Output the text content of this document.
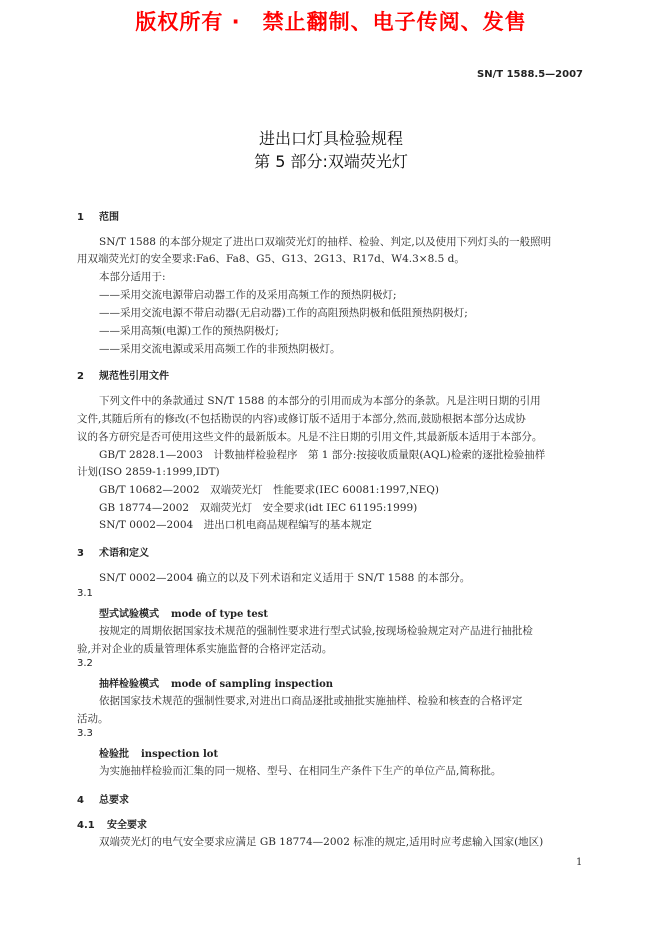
版权所有 ·　禁止翻制、电子传阅、发售
SN/T 1588.5—2007
进出口灯具检验规程
第 5 部分:双端荧光灯
1 范围
SN/T 1588 的本部分规定了进出口双端荧光灯的抽样、检验、判定,以及使用下列灯头的一般照明
用双端荧光灯的安全要求:Fa6、Fa8、G5、G13、2G13、R17d、W4.3×8.5 d。
本部分适用于:
——采用交流电源带启动器工作的及采用高频工作的预热阴极灯;
——采用交流电源不带启动器(无启动器)工作的高阻预热阴极和低阻预热阴极灯;
——采用高频(电源)工作的预热阴极灯;
——采用交流电源或采用高频工作的非预热阴极灯。
2 规范性引用文件
下列文件中的条款通过 SN/T 1588 的本部分的引用而成为本部分的条款。凡是注明日期的引用
文件,其随后所有的修改(不包括勘误的内容)或修订版不适用于本部分,然而,鼓励根据本部分达成协
议的各方研究是否可使用这些文件的最新版本。凡是不注日期的引用文件,其最新版本适用于本部分。
GB/T 2828.1—2003　计数抽样检验程序　第 1 部分:按接收质量限(AQL)检索的逐批检验抽样
计划(ISO 2859-1:1999,IDT)
GB/T 10682—2002　双端荧光灯　性能要求(IEC 60081:1997,NEQ)
GB 18774—2002　双端荧光灯　安全要求(idt IEC 61195:1999)
SN/T 0002—2004　进出口机电商品规程编写的基本规定
3 术语和定义
SN/T 0002—2004 确立的以及下列术语和定义适用于 SN/T 1588 的本部分。
3.1
型式试验模式 mode of type test
按规定的周期依据国家技术规范的强制性要求进行型式试验,按现场检验规定对产品进行抽批检
验,并对企业的质量管理体系实施监督的合格评定活动。
3.2
抽样检验模式 mode of sampling inspection
依据国家技术规范的强制性要求,对进出口商品逐批或抽批实施抽样、检验和核查的合格评定
活动。
3.3
检验批 inspection lot
为实施抽样检验而汇集的同一规格、型号、在相同生产条件下生产的单位产品,简称批。
4 总要求
4.1 安全要求
双端荧光灯的电气安全要求应满足 GB 18774—2002 标准的规定,适用时应考虑输入国家(地区)
1
